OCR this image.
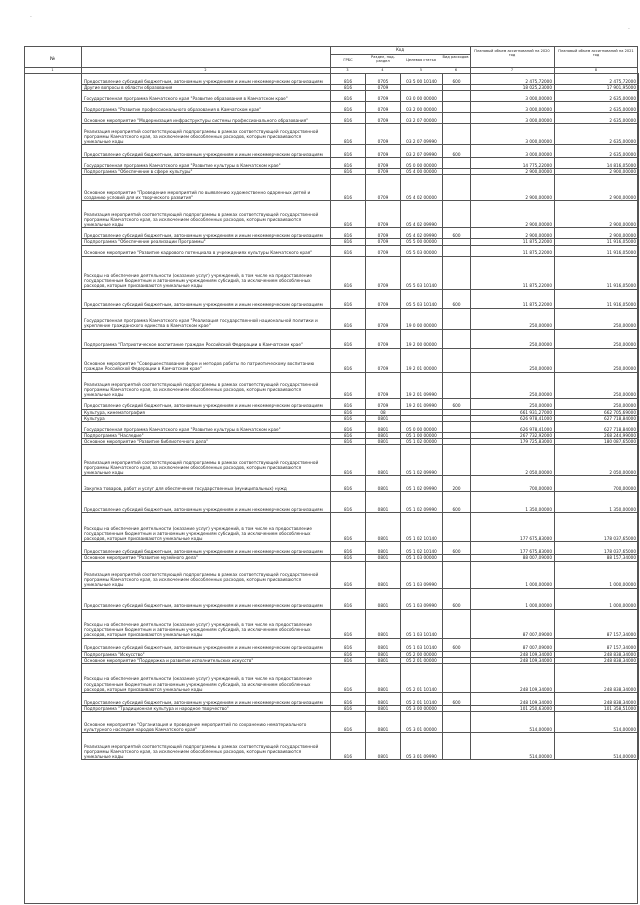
.
.
№
Код
ГРБС
Раздел, под-раздел	Целевая статья
Вид расходов
Плановый объем ассигнований на 2020 год
Плановый объем ассигнований на 2021 год
1	2	3	4	5	6	7	8
Предоставление субсидий бюджетным, автономным учреждениям и иным некоммерческим организациям	816	0705	03 5 00 10140	600	2 475,72000	2 475,72000
Другие вопросы в области образования	816	0709			18 025,23000	17 901,95000
Государственная программа Камчатского края "Развитие образования в Камчатском крае"	816	0709	03 0 00 00000		3 000,00000	2 635,00000
Подпрограмма "Развитие профессионального образования в Камчатском крае"	816	0709	03 2 00 00000		3 000,00000	2 635,00000
Основное мероприятие "Модернизация инфраструктуры системы профессионального образования"	816	0709	03 2 07 00000		3 000,00000	2 635,00000
Реализация мероприятий соответствующей подпрограммы в рамках соответствующей государственной программы Камчатского края, за исключением обособленных расходов, которым присваиваются уникальные коды	816	0709	03 2 07 09990		3 000,00000	2 635,00000
Предоставление субсидий бюджетным, автономным учреждениям и иным некоммерческим организациям	816	0709	03 2 07 09990	600	3 000,00000	2 635,00000
Государственная программа Камчатского края "Развитие культуры в Камчатском крае"	816	0709	05 0 00 00000		14 775,22000	14 816,05000
Подпрограмма "Обеспечение в сфере культуры"	816	0709	05 4 00 00000		2 900,00000	2 900,00000
Основное мероприятие "Проведение мероприятий по выявлению художественно одаренных детей и созданию условий для их творческого развития"	816	0709	05 4 02 00000		2 900,00000	2 900,00000
Реализация мероприятий соответствующей подпрограммы в рамках соответствующей государственной программы Камчатского края, за исключением обособленных расходов, которым присваиваются уникальные коды	816	0709	05 4 02 09990		2 900,00000	2 900,00000
Предоставление субсидий бюджетным, автономным учреждениям и иным некоммерческим организациям	816	0709	05 4 02 09990	600	2 900,00000	2 900,00000
Подпрограмма "Обеспечение реализации Программы"	816	0709	05 5 00 00000		11 875,22000	11 916,05000
Основное мероприятие "Развитие кадрового потенциала в учреждениях культуры Камчатского края"	816	0709	05 5 03 00000		11 875,22000	11 916,05000
Расходы на обеспечение деятельности (оказание услуг) учреждений, в том числе на предоставление государственным бюджетным и автономным учреждениям субсидий, за исключением обособленных расходов, которым присваиваются уникальные коды	816	0709	05 5 03 10140		11 875,22000	11 916,05000
Предоставление субсидий бюджетным, автономным учреждениям и иным некоммерческим организациям	816	0709	05 5 03 10140	600	11 875,22000	11 916,05000
Государственная программа Камчатского края "Реализация государственной национальной политики и укрепление гражданского единства в Камчатском крае"	816	0709	19 0 00 00000		250,00000	250,00000
Подпрограмма "Патриотическое воспитание граждан Российской Федерации в Камчатском крае"	816	0709	19 2 00 00000		250,00000	250,00000
Основное мероприятие "Совершенствование форм и методов работы по патриотическому воспитанию граждан Российской Федерации в Камчатском крае"	816	0709	19 2 01 00000		250,00000	250,00000
Реализация мероприятий соответствующей подпрограммы в рамках соответствующей государственной программы Камчатского края, за исключением обособленных расходов, которым присваиваются уникальные коды	816	0709	19 2 01 09990		250,00000	250,00000
Предоставление субсидий бюджетным, автономным учреждениям и иным некоммерческим организациям	816	0709	19 2 01 09990	600	250,00000	250,00000
Культура, кинематография	816	08			661 931,27000	662 705,69000
Культура	816	0801			626 978,41000	627 718,84000
Государственная программа Камчатского края "Развитие культуры в Камчатском крае"	816	0801	05 0 00 00000		626 978,41000	627 718,84000
Подпрограмма "Наследие"	816	0801	05 1 00 00000		267 732,92000	268 244,99000
Основное мероприятие "Развитие библиотечного дела"	816	0801	05 1 02 00000		179 725,83000	180 087,65000
Реализация мероприятий соответствующей подпрограммы в рамках соответствующей государственной программы Камчатского края, за исключением обособленных расходов, которым присваиваются уникальные коды	816	0801	05 1 02 09990		2 050,00000	2 050,00000
Закупка товаров, работ и услуг для обеспечения государственных (муниципальных) нужд	816	0801	05 1 02 09990	200	700,00000	700,00000
Предоставление субсидий бюджетным, автономным учреждениям и иным некоммерческим организациям	816	0801	05 1 02 09990	600	1 350,00000	1 350,00000
Расходы на обеспечение деятельности (оказание услуг) учреждений, в том числе на предоставление государственным бюджетным и автономным учреждениям субсидий, за исключением обособленных расходов, которым присваиваются уникальные коды	816	0801	05 1 02 10140		177 675,83000	178 037,65000
Предоставление субсидий бюджетным, автономным учреждениям и иным некоммерческим организациям	816	0801	05 1 02 10140	600	177 675,83000	178 037,65000
Основное мероприятие "Развитие музейного дела"	816	0801	05 1 03 00000		88 007,09000	88 157,34000
Реализация мероприятий соответствующей подпрограммы в рамках соответствующей государственной программы Камчатского края, за исключением обособленных расходов, которым присваиваются уникальные коды	816	0801	05 1 03 09990		1 000,00000	1 000,00000
Предоставление субсидий бюджетным, автономным учреждениям и иным некоммерческим организациям	816	0801	05 1 03 09990	600	1 000,00000	1 000,00000
Расходы на обеспечение деятельности (оказание услуг) учреждений, в том числе на предоставление государственным бюджетным и автономным учреждениям субсидий, за исключением обособленных расходов, которым присваиваются уникальные коды	816	0801	05 1 03 10140		87 007,09000	87 157,34000
Предоставление субсидий бюджетным, автономным учреждениям и иным некоммерческим организациям	816	0801	05 1 03 10140	600	87 007,09000	87 157,34000
Подпрограмма "Искусство"	816	0801	05 2 00 00000		248 109,34000	248 838,34000
Основное мероприятие "Поддержка и развитие исполнительских искусств"	816	0801	05 2 01 00000		248 109,34000	248 838,34000
Расходы на обеспечение деятельности (оказание услуг) учреждений, в том числе на предоставление государственным бюджетным и автономным учреждениям субсидий, за исключением обособленных расходов, которым присваиваются уникальные коды	816	0801	05 2 01 10140		248 109,34000	248 838,34000
Предоставление субсидий бюджетным, автономным учреждениям и иным некоммерческим организациям	816	0801	05 2 01 10140	600	248 109,34000	248 838,34000
Подпрограмма "Традиционная культура и народное творчество"	816	0801	05 3 00 00000		101 250,63000	101 358,51000
Основное мероприятие "Организация и проведение мероприятий по сохранению нематериального культурного наследия народов Камчатского края"	816	0801	05 3 01 00000		514,00000	514,00000
Реализация мероприятий соответствующей подпрограммы в рамках соответствующей государственной программы Камчатского края, за исключением обособленных расходов, которым присваиваются уникальные коды	816	0801	05 3 01 09990		514,00000	514,00000
